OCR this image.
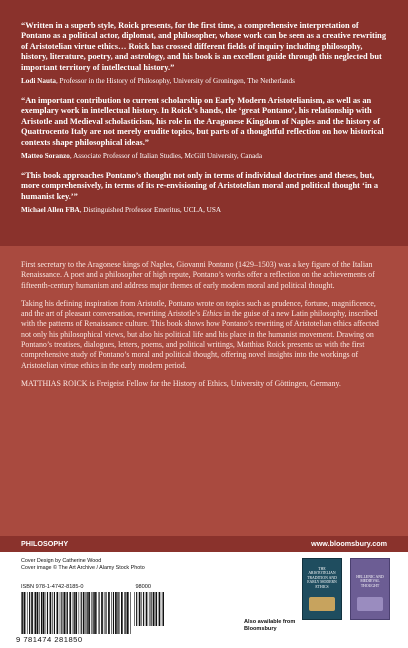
“Written in a superb style, Roick presents, for the first time, a comprehensive interpretation of Pontano as a political actor, diplomat, and philosopher, whose work can be seen as a creative rewriting of Aristotelian virtue ethics… Roick has crossed different fields of inquiry including philosophy, history, literature, poetry, and astrology, and his book is an excellent guide through this neglected but important territory of intellectual history.”

Lodi Nauta, Professor in the History of Philosophy, University of Groningen, The Netherlands

“An important contribution to current scholarship on Early Modern Aristotelianism, as well as an exemplary work in intellectual history. In Roick’s hands, the ‘great Pontano’, his relationship with Aristotle and Medieval scholasticism, his role in the Aragonese Kingdom of Naples and the history of Quattrocento Italy are not merely erudite topics, but parts of a thoughtful reflection on how historical contexts shape philosophical ideas.”

Matteo Soranzo, Associate Professor of Italian Studies, McGill University, Canada

“This book approaches Pontano’s thought not only in terms of individual doctrines and theses, but, more comprehensively, in terms of its re-envisioning of Aristotelian moral and political thought ‘in a humanist key.’”

Michael Allen FBA, Distinguished Professor Emeritus, UCLA, USA

First secretary to the Aragonese kings of Naples, Giovanni Pontano (1429–1503) was a key figure of the Italian Renaissance. A poet and a philosopher of high repute, Pontano’s works offer a reflection on the achievements of fifteenth-century humanism and address major themes of early modern moral and political thought.

Taking his defining inspiration from Aristotle, Pontano wrote on topics such as prudence, fortune, magnificence, and the art of pleasant conversation, rewriting Aristotle’s Ethics in the guise of a new Latin philosophy, inscribed with the patterns of Renaissance culture. This book shows how Pontano’s rewriting of Aristotelian ethics affected not only his philosophical views, but also his political life and his place in the humanist movement. Drawing on Pontano’s treatises, dialogues, letters, poems, and political writings, Matthias Roick presents us with the first comprehensive study of Pontano’s moral and political thought, offering novel insights into the workings of Aristotelian virtue ethics in the early modern period.

MATTHIAS ROICK is Freigeist Fellow for the History of Ethics, University of Göttingen, Germany.

PHILOSOPHY	www.bloomsbury.com
Cover Design by Catherine Wood
Cover image © The Art Archive / Alamy Stock Photo
ISBN 978-1-4742-8185-0	98000
9 781474 281850
Also available from Bloomsbury
THE ARISTOTELIAN TRADITION AND EARLY MODERN ETHICS
HELLENIC AND MEDIEVAL THOUGHT
